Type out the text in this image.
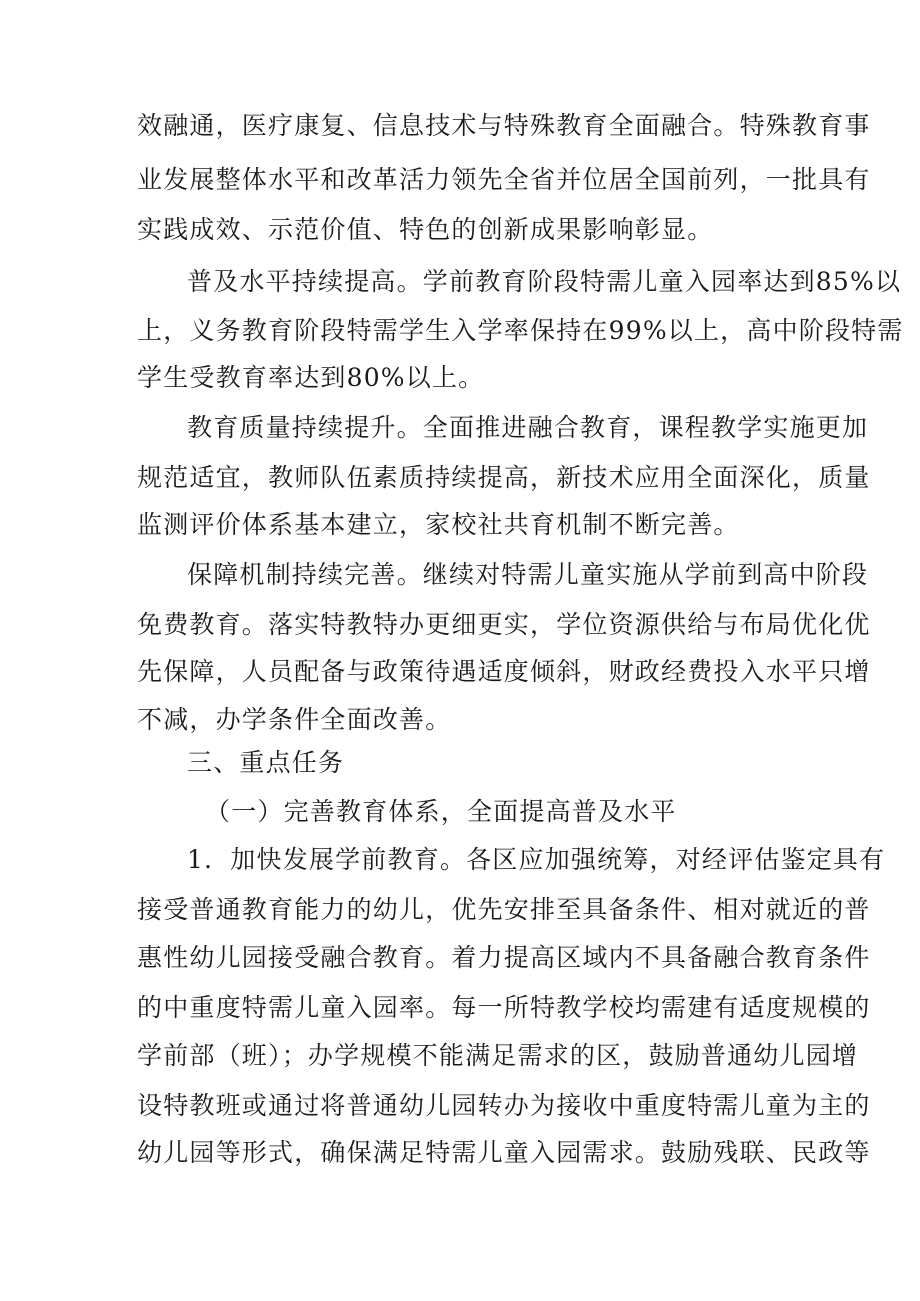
效融通，医疗康复、信息技术与特殊教育全面融合。特殊教育事
业发展整体水平和改革活力领先全省并位居全国前列，一批具有
实践成效、示范价值、特色的创新成果影响彰显。
普及水平持续提高。学前教育阶段特需儿童入园率达到85%以
上，义务教育阶段特需学生入学率保持在99%以上，高中阶段特需
学生受教育率达到80%以上。
教育质量持续提升。全面推进融合教育，课程教学实施更加
规范适宜，教师队伍素质持续提高，新技术应用全面深化，质量
监测评价体系基本建立，家校社共育机制不断完善。
保障机制持续完善。继续对特需儿童实施从学前到高中阶段
免费教育。落实特教特办更细更实，学位资源供给与布局优化优
先保障，人员配备与政策待遇适度倾斜，财政经费投入水平只增
不减，办学条件全面改善。
三、重点任务
（一）完善教育体系，全面提高普及水平
1．加快发展学前教育。各区应加强统筹，对经评估鉴定具有
接受普通教育能力的幼儿，优先安排至具备条件、相对就近的普
惠性幼儿园接受融合教育。着力提高区域内不具备融合教育条件
的中重度特需儿童入园率。每一所特教学校均需建有适度规模的
学前部（班）；办学规模不能满足需求的区，鼓励普通幼儿园增
设特教班或通过将普通幼儿园转办为接收中重度特需儿童为主的
幼儿园等形式，确保满足特需儿童入园需求。鼓励残联、民政等
